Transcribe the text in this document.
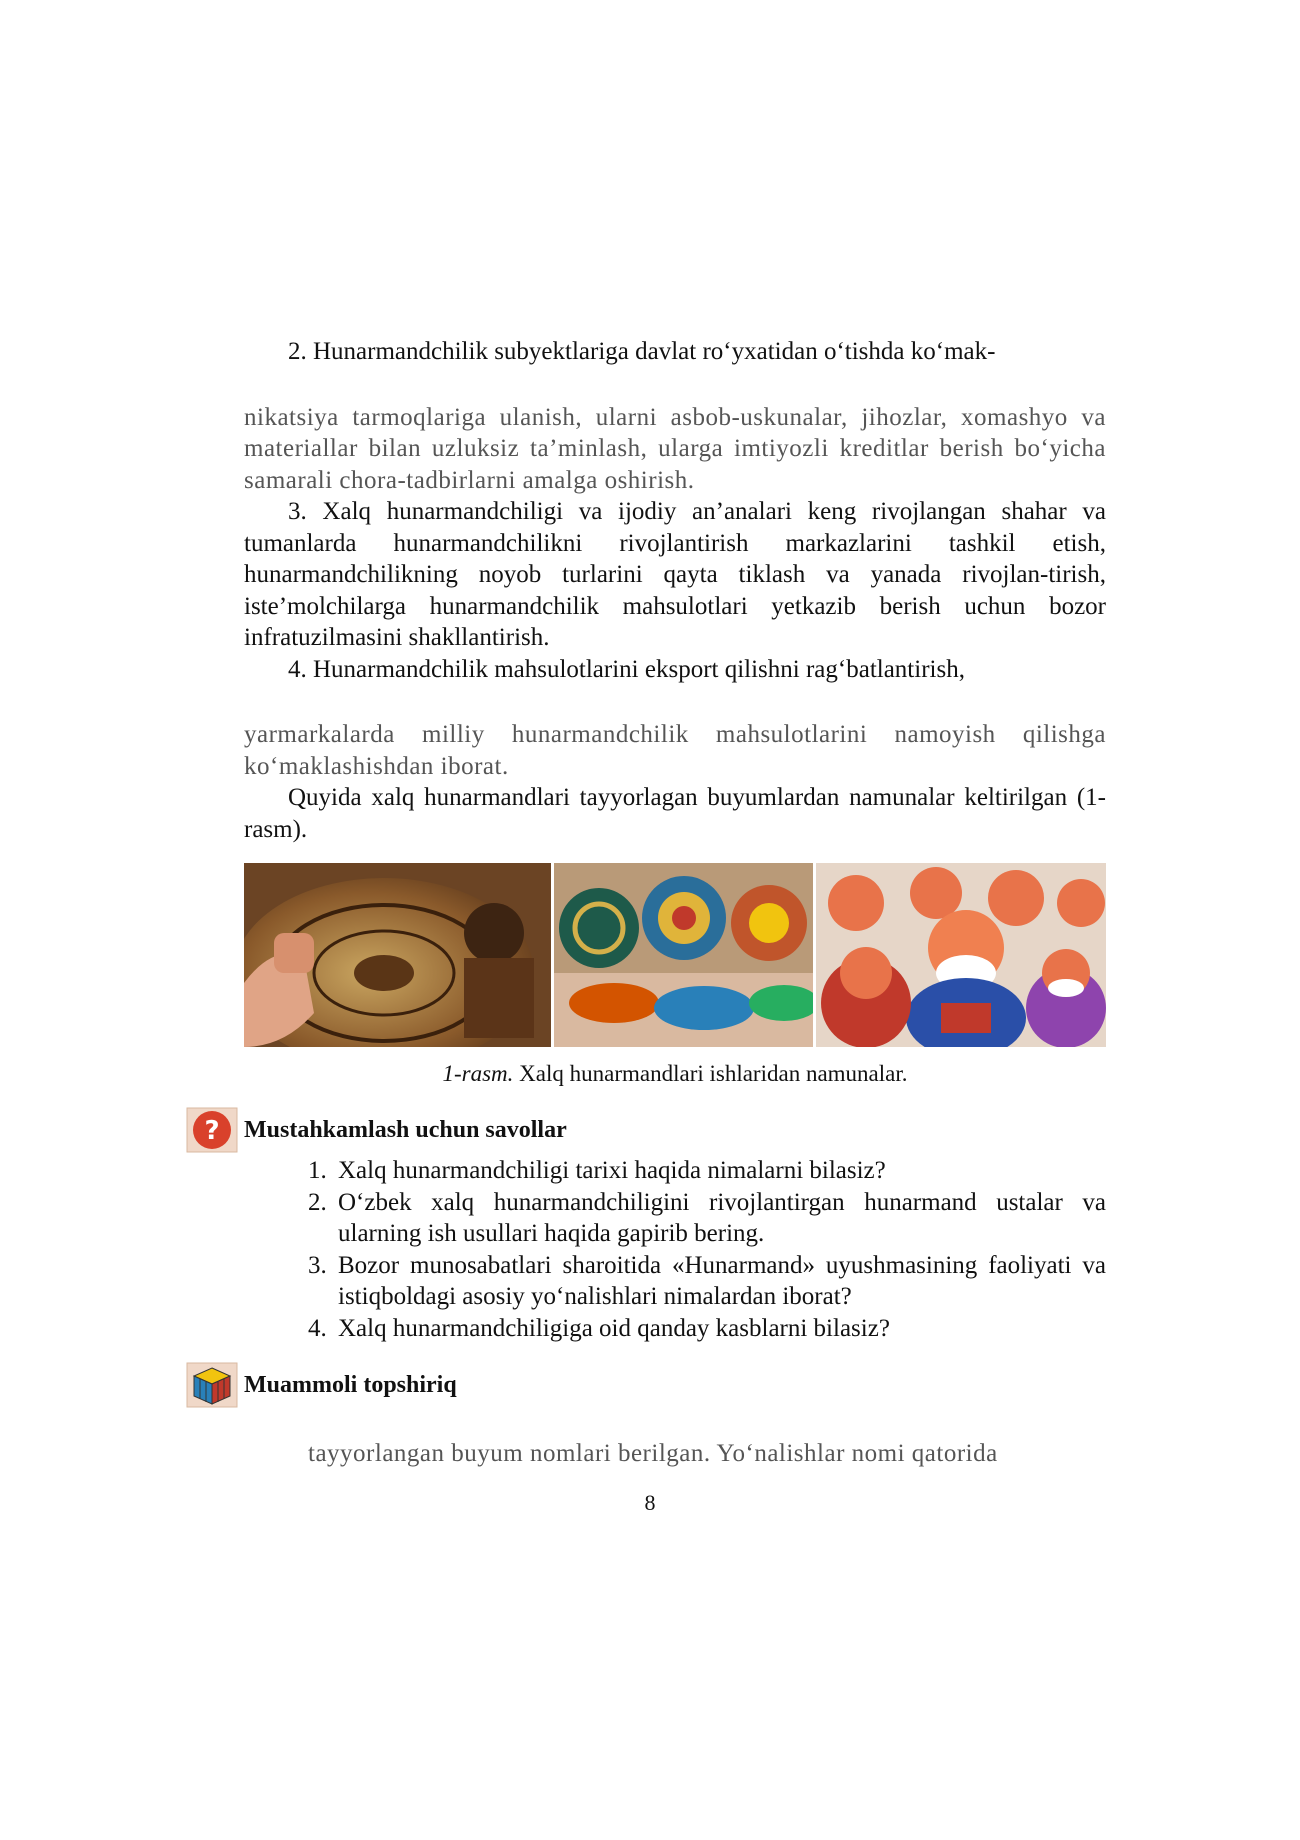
2. Hunarmandchilik subyektlariga davlat ro‘yxatidan o‘tishda ko‘mak-

nikatsiya tarmoqlariga ulanish, ularni asbob-uskunalar, jihozlar, xomashyo va materiallar bilan uzluksiz ta’minlash, ularga imtiyozli kreditlar berish bo‘yicha samarali chora-tadbirlarni amalga oshirish.

3. Xalq hunarmandchiligi va ijodiy an’analari keng rivojlangan shahar va tumanlarda hunarmandchilikni rivojlantirish markazlarini tashkil etish, hunarmandchilikning noyob turlarini qayta tiklash va yanada rivojlan-tirish, iste’molchilarga hunarmandchilik mahsulotlari yetkazib berish uchun bozor infratuzilmasini shakllantirish.

4. Hunarmandchilik mahsulotlarini eksport qilishni rag‘batlantirish,

yarmarkalarda milliy hunarmandchilik mahsulotlarini namoyish qilishga ko‘maklashishdan iborat.

Quyida xalq hunarmandlari tayyorlagan buyumlardan namunalar keltirilgan (1-rasm).

1-rasm. Xalq hunarmandlari ishlaridan namunalar.
? Mustahkamlash uchun savollar
1. Xalq hunarmandchiligi tarixi haqida nimalarni bilasiz?
2. O‘zbek xalq hunarmandchiligini rivojlantirgan hunarmand ustalar va ularning ish usullari haqida gapirib bering.
3. Bozor munosabatlari sharoitida «Hunarmand» uyushmasining faoliyati va istiqboldagi asosiy yo‘nalishlari nimalardan iborat?
4. Xalq hunarmandchiligiga oid qanday kasblarni bilasiz?
Muammoli topshiriq

tayyorlangan buyum nomlari berilgan. Yo‘nalishlar nomi qatorida

8
